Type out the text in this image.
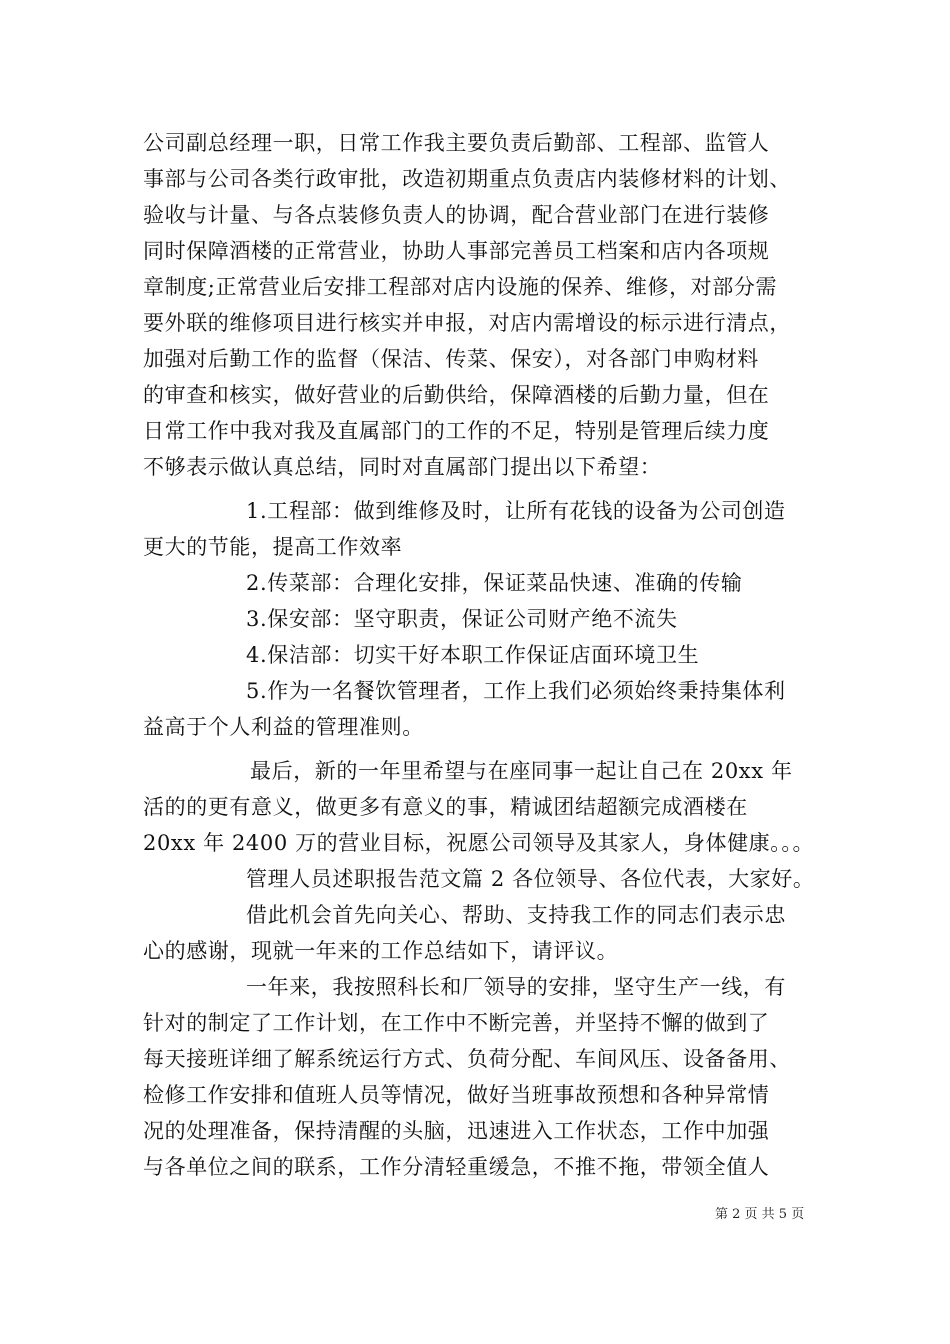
公司副总经理一职，日常工作我主要负责后勤部、工程部、监管人
事部与公司各类行政审批，改造初期重点负责店内装修材料的计划、
验收与计量、与各点装修负责人的协调，配合营业部门在进行装修
同时保障酒楼的正常营业，协助人事部完善员工档案和店内各项规
章制度;正常营业后安排工程部对店内设施的保养、维修，对部分需
要外联的维修项目进行核实并申报，对店内需增设的标示进行清点，
加强对后勤工作的监督（保洁、传菜、保安），对各部门申购材料
的审查和核实，做好营业的后勤供给，保障酒楼的后勤力量，但在
日常工作中我对我及直属部门的工作的不足，特别是管理后续力度
不够表示做认真总结，同时对直属部门提出以下希望：
1.工程部：做到维修及时，让所有花钱的设备为公司创造
更大的节能，提高工作效率
2.传菜部：合理化安排，保证菜品快速、准确的传输
3.保安部：坚守职责，保证公司财产绝不流失
4.保洁部：切实干好本职工作保证店面环境卫生
5.作为一名餐饮管理者，工作上我们必须始终秉持集体利
益高于个人利益的管理准则。
最后，新的一年里希望与在座同事一起让自己在 20xx 年
活的的更有意义，做更多有意义的事，精诚团结超额完成酒楼在
20xx 年 2400 万的营业目标，祝愿公司领导及其家人，身体健康。。。
管理人员述职报告范文篇 2 各位领导、各位代表，大家好。
借此机会首先向关心、帮助、支持我工作的同志们表示忠
心的感谢，现就一年来的工作总结如下，请评议。
一年来，我按照科长和厂领导的安排，坚守生产一线，有
针对的制定了工作计划，在工作中不断完善，并坚持不懈的做到了
每天接班详细了解系统运行方式、负荷分配、车间风压、设备备用、
检修工作安排和值班人员等情况，做好当班事故预想和各种异常情
况的处理准备，保持清醒的头脑，迅速进入工作状态，工作中加强
与各单位之间的联系，工作分清轻重缓急，不推不拖，带领全值人
第 2 页 共 5 页
